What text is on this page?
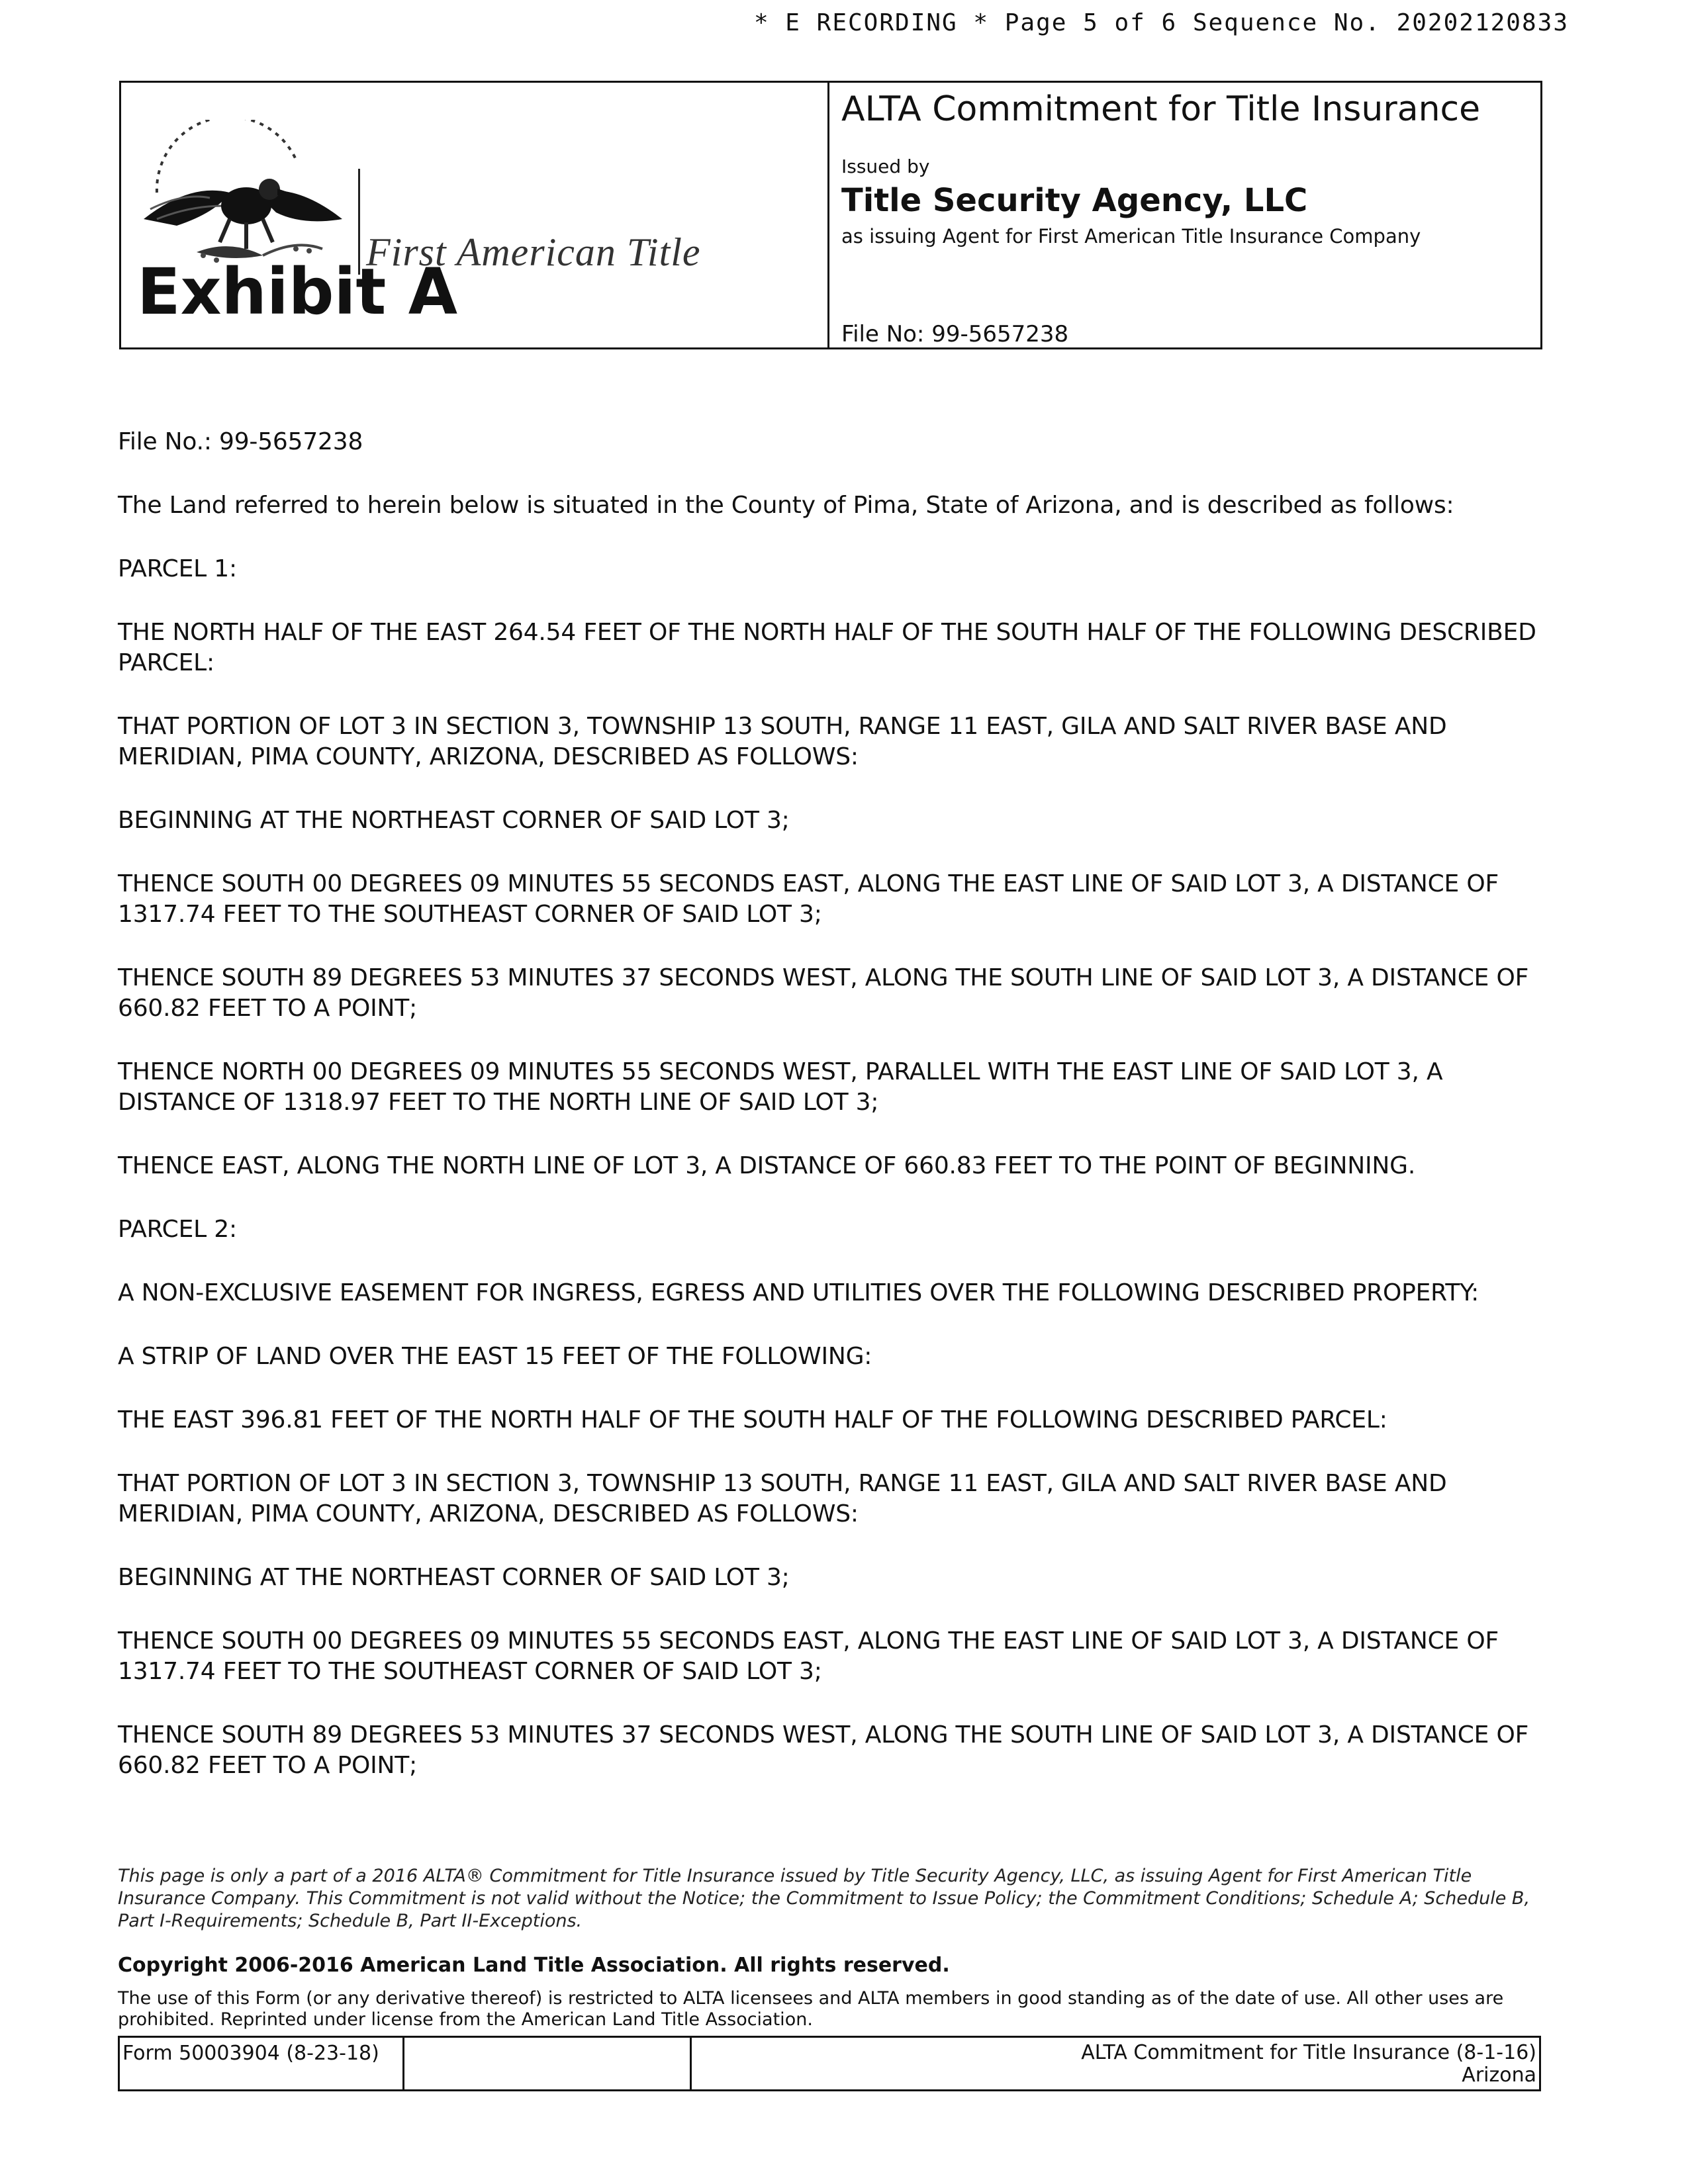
* E RECORDING * Page 5 of 6 Sequence No. 20202120833
First American Title
Exhibit A
ALTA Commitment for Title Insurance
Issued by
Title Security Agency, LLC
as issuing Agent for First American Title Insurance Company
File No: 99-5657238

File No.: 99-5657238

The Land referred to herein below is situated in the County of Pima, State of Arizona, and is described as follows:

PARCEL 1:

THE NORTH HALF OF THE EAST 264.54 FEET OF THE NORTH HALF OF THE SOUTH HALF OF THE FOLLOWING DESCRIBED PARCEL:

THAT PORTION OF LOT 3 IN SECTION 3, TOWNSHIP 13 SOUTH, RANGE 11 EAST, GILA AND SALT RIVER BASE AND MERIDIAN, PIMA COUNTY, ARIZONA, DESCRIBED AS FOLLOWS:

BEGINNING AT THE NORTHEAST CORNER OF SAID LOT 3;

THENCE SOUTH 00 DEGREES 09 MINUTES 55 SECONDS EAST, ALONG THE EAST LINE OF SAID LOT 3, A DISTANCE OF 1317.74 FEET TO THE SOUTHEAST CORNER OF SAID LOT 3;

THENCE SOUTH 89 DEGREES 53 MINUTES 37 SECONDS WEST, ALONG THE SOUTH LINE OF SAID LOT 3, A DISTANCE OF 660.82 FEET TO A POINT;

THENCE NORTH 00 DEGREES 09 MINUTES 55 SECONDS WEST, PARALLEL WITH THE EAST LINE OF SAID LOT 3, A DISTANCE OF 1318.97 FEET TO THE NORTH LINE OF SAID LOT 3;

THENCE EAST, ALONG THE NORTH LINE OF LOT 3, A DISTANCE OF 660.83 FEET TO THE POINT OF BEGINNING.

PARCEL 2:

A NON-EXCLUSIVE EASEMENT FOR INGRESS, EGRESS AND UTILITIES OVER THE FOLLOWING DESCRIBED PROPERTY:

A STRIP OF LAND OVER THE EAST 15 FEET OF THE FOLLOWING:

THE EAST 396.81 FEET OF THE NORTH HALF OF THE SOUTH HALF OF THE FOLLOWING DESCRIBED PARCEL:

THAT PORTION OF LOT 3 IN SECTION 3, TOWNSHIP 13 SOUTH, RANGE 11 EAST, GILA AND SALT RIVER BASE AND MERIDIAN, PIMA COUNTY, ARIZONA, DESCRIBED AS FOLLOWS:

BEGINNING AT THE NORTHEAST CORNER OF SAID LOT 3;

THENCE SOUTH 00 DEGREES 09 MINUTES 55 SECONDS EAST, ALONG THE EAST LINE OF SAID LOT 3, A DISTANCE OF 1317.74 FEET TO THE SOUTHEAST CORNER OF SAID LOT 3;

THENCE SOUTH 89 DEGREES 53 MINUTES 37 SECONDS WEST, ALONG THE SOUTH LINE OF SAID LOT 3, A DISTANCE OF 660.82 FEET TO A POINT;

This page is only a part of a 2016 ALTA® Commitment for Title Insurance issued by Title Security Agency, LLC, as issuing Agent for First American Title Insurance Company. This Commitment is not valid without the Notice; the Commitment to Issue Policy; the Commitment Conditions; Schedule A; Schedule B, Part I-Requirements; Schedule B, Part II-Exceptions.
Copyright 2006-2016 American Land Title Association. All rights reserved.
The use of this Form (or any derivative thereof) is restricted to ALTA licensees and ALTA members in good standing as of the date of use. All other uses are prohibited. Reprinted under license from the American Land Title Association.
Form 50003904 (8-23-18)	ALTA Commitment for Title Insurance (8-1-16)
Arizona
